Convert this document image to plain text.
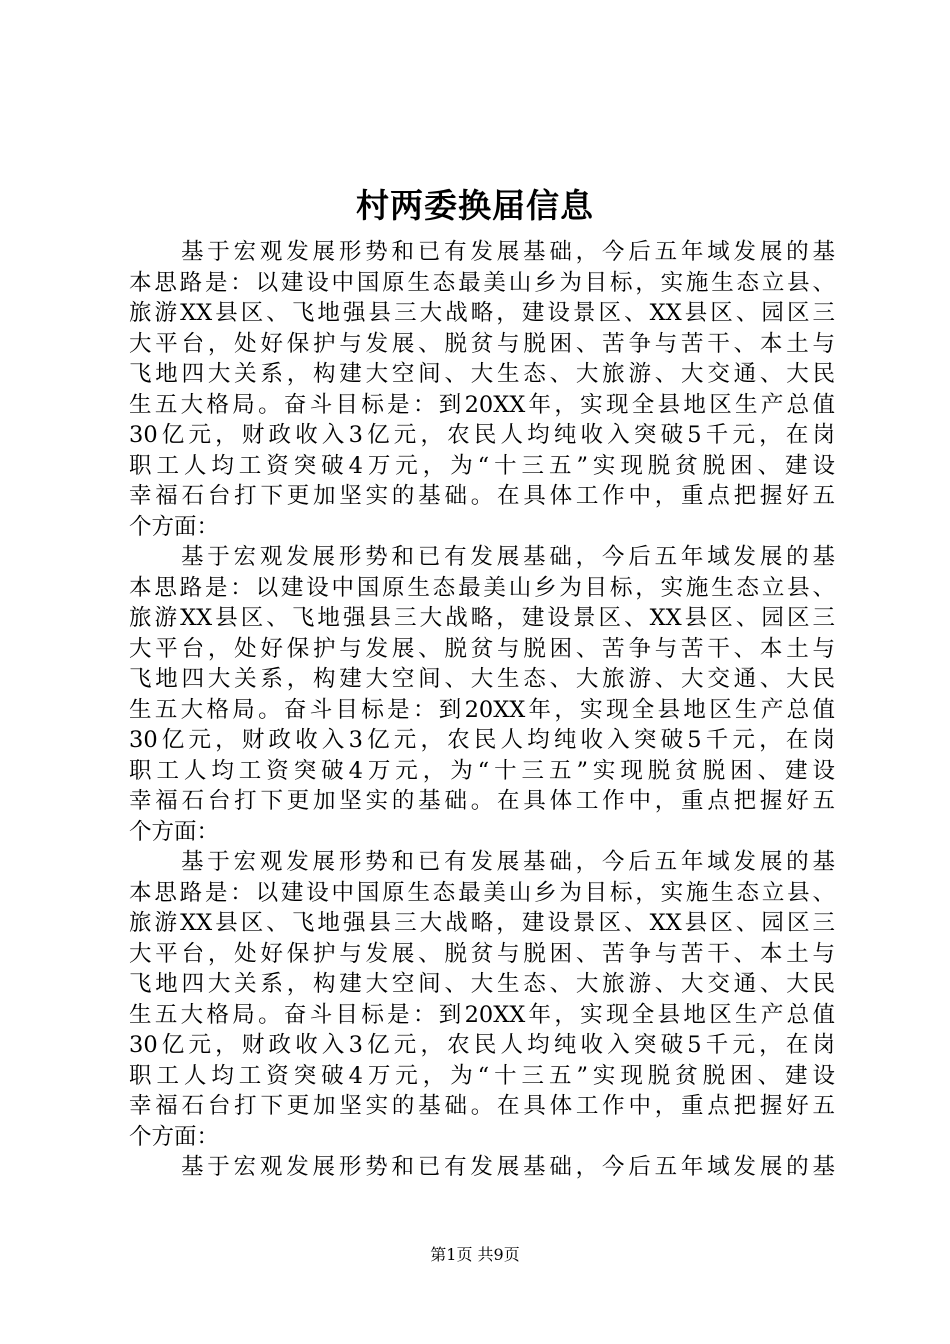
村两委换届信息
基于宏观发展形势和已有发展基础，今后五年域发展的基
本思路是：以建设中国原生态最美山乡为目标，实施生态立县、
旅游XX县区、飞地强县三大战略，建设景区、XX县区、园区三
大平台，处好保护与发展、脱贫与脱困、苦争与苦干、本土与
飞地四大关系，构建大空间、大生态、大旅游、大交通、大民
生五大格局。奋斗目标是：到20XX年，实现全县地区生产总值
30亿元，财政收入3亿元，农民人均纯收入突破5千元，在岗
职工人均工资突破4万元，为“十三五”实现脱贫脱困、建设
幸福石台打下更加坚实的基础。在具体工作中，重点把握好五
个方面：
基于宏观发展形势和已有发展基础，今后五年域发展的基
本思路是：以建设中国原生态最美山乡为目标，实施生态立县、
旅游XX县区、飞地强县三大战略，建设景区、XX县区、园区三
大平台，处好保护与发展、脱贫与脱困、苦争与苦干、本土与
飞地四大关系，构建大空间、大生态、大旅游、大交通、大民
生五大格局。奋斗目标是：到20XX年，实现全县地区生产总值
30亿元，财政收入3亿元，农民人均纯收入突破5千元，在岗
职工人均工资突破4万元，为“十三五”实现脱贫脱困、建设
幸福石台打下更加坚实的基础。在具体工作中，重点把握好五
个方面：
基于宏观发展形势和已有发展基础，今后五年域发展的基
本思路是：以建设中国原生态最美山乡为目标，实施生态立县、
旅游XX县区、飞地强县三大战略，建设景区、XX县区、园区三
大平台，处好保护与发展、脱贫与脱困、苦争与苦干、本土与
飞地四大关系，构建大空间、大生态、大旅游、大交通、大民
生五大格局。奋斗目标是：到20XX年，实现全县地区生产总值
30亿元，财政收入3亿元，农民人均纯收入突破5千元，在岗
职工人均工资突破4万元，为“十三五”实现脱贫脱困、建设
幸福石台打下更加坚实的基础。在具体工作中，重点把握好五
个方面：
基于宏观发展形势和已有发展基础，今后五年域发展的基
第1页 共9页
